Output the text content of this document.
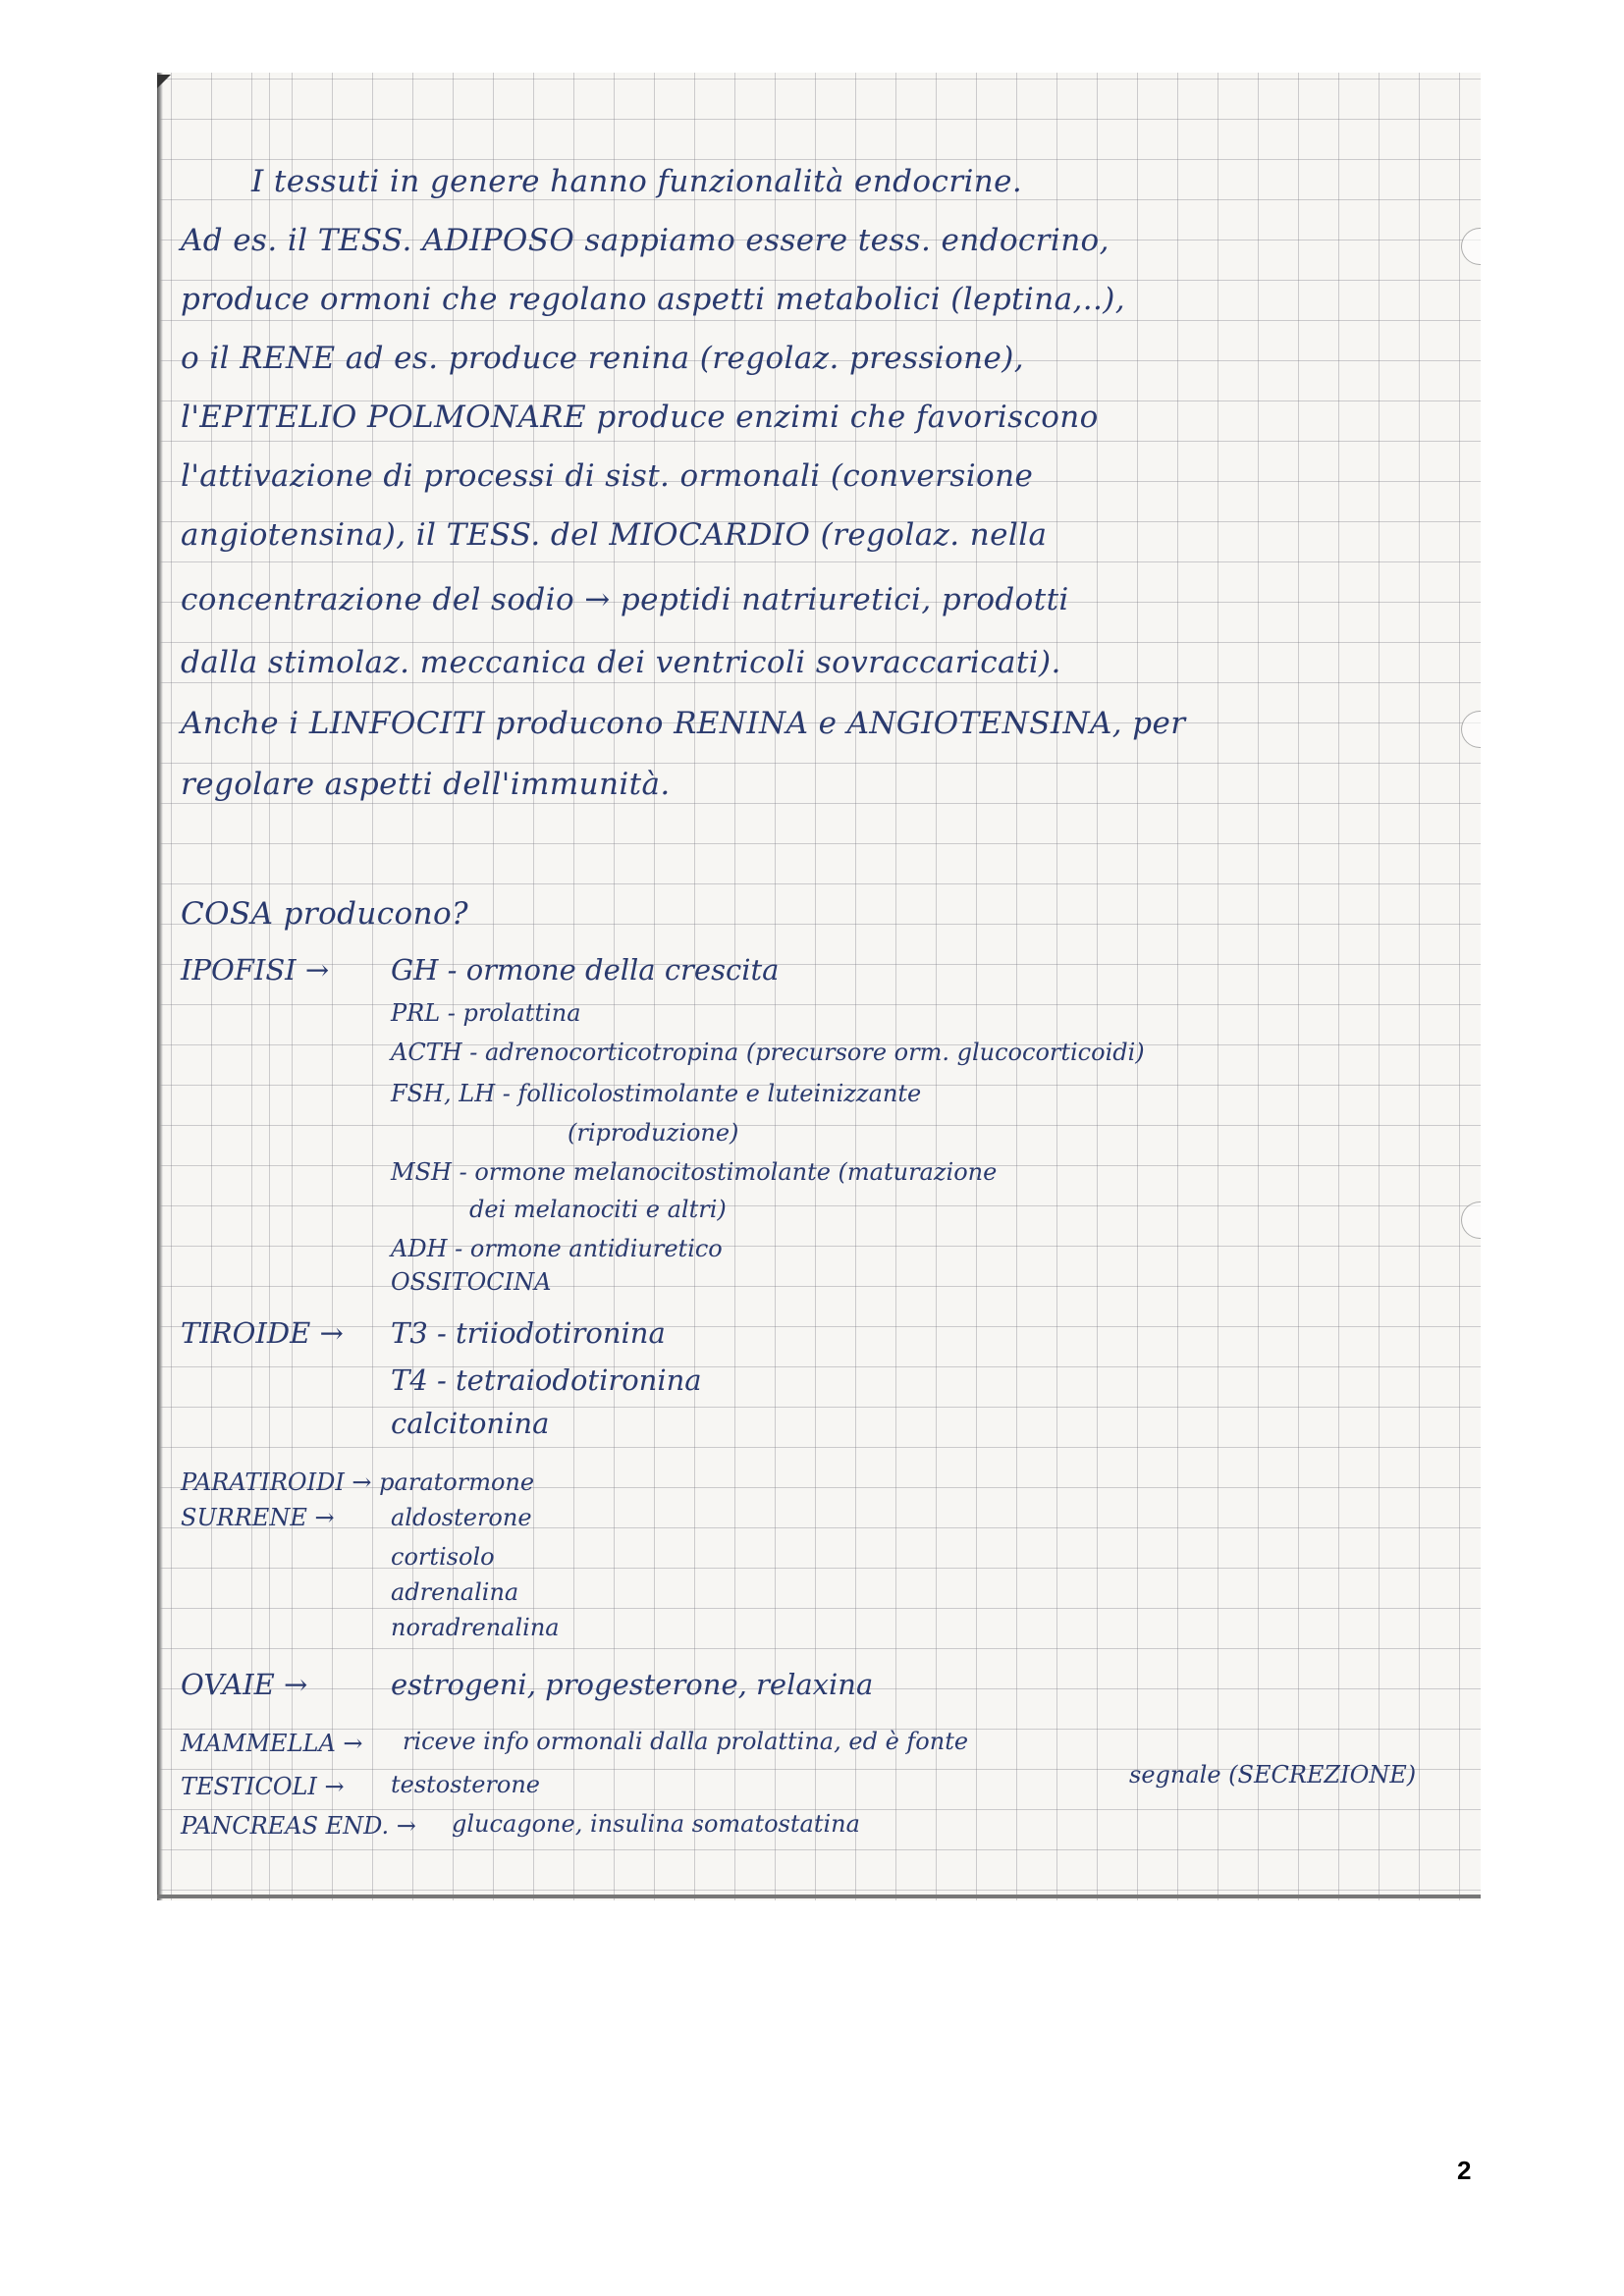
I tessuti in genere hanno funzionalità endocrine.
Ad es. il TESS. ADIPOSO sappiamo essere tess. endocrino,
produce ormoni che regolano aspetti metabolici (leptina,..),
o il RENE ad es. produce renina (regolaz. pressione),
l'EPITELIO POLMONARE produce enzimi che favoriscono
l'attivazione di processi di sist. ormonali (conversione
angiotensina), il TESS. del MIOCARDIO (regolaz. nella
concentrazione del sodio → peptidi natriuretici, prodotti
dalla stimolaz. meccanica dei ventricoli sovraccaricati).
Anche i LINFOCITI producono RENINA e ANGIOTENSINA, per
regolare aspetti dell'immunità.
COSA producono?
IPOFISI → GH - ormone della crescita
PRL - prolattina
ACTH - adrenocorticotropina (precursore orm. glucocorticoidi)
FSH, LH - follicolostimolante e luteinizzante
(riproduzione)
MSH - ormone melanocitostimolante (maturazione
dei melanociti e altri)
ADH - ormone antidiuretico
OSSITOCINA
TIROIDE → T3 - triiodotironina
T4 - tetraiodotironina
calcitonina
PARATIROIDI → paratormone
SURRENE → aldosterone
cortisolo
adrenalina
noradrenalina
OVAIE →	estrogeni, progesterone, relaxina
MAMMELLA → riceve info ormonali dalla prolattina, ed è fonte
segnale (SECREZIONE)
TESTICOLI → testosterone
PANCREAS END. → glucagone, insulina somatostatina
2
